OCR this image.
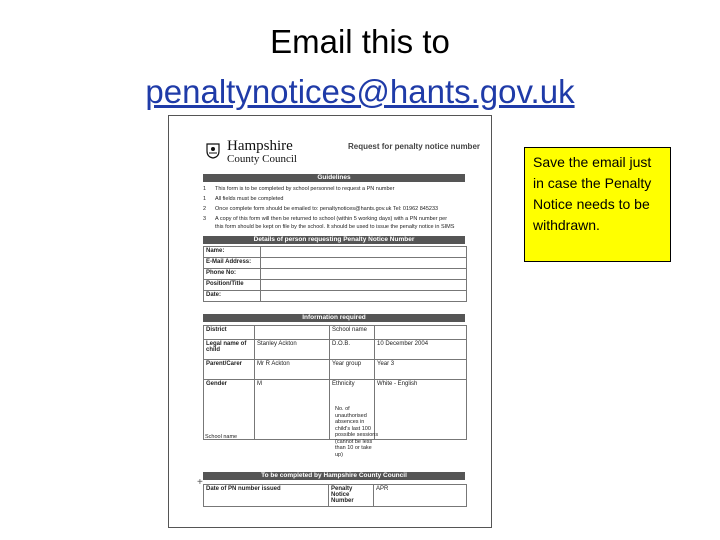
Email this to
penaltynotices@hants.gov.uk
Hampshire
County Council
Request for penalty notice number
Guidelines
1 This form is to be completed by school personnel to request a PN number
1 All fields must be completed
2 Once complete form should be emailed to: penaltynotices@hants.gov.uk Tel: 01962 845233
3 A copy of this form will then be returned to school (within 5 working days) with a PN number per
this form should be kept on file by the school. It should be used to issue the penalty notice in SIMS
Details of person requesting Penalty Notice Number
Name:	
E-Mail Address:	
Phone No:	
Position/Title	
Date:	
Information required
District		School name	
Legal name of child	Stanley Ackton	D.O.B.	10 December 2004
Parent/Carer	Mr R Ackton	Year group	Year 3
Gender	M	Ethnicity	White - English
School name
No. of unauthorised absences in child's last 100 possible sessions (cannot be less than 10 or take up)
To be completed by Hampshire County Council
+
Date of PN number issued	Penalty Notice Number	APR
Save the email just in case the Penalty Notice needs to be withdrawn.
